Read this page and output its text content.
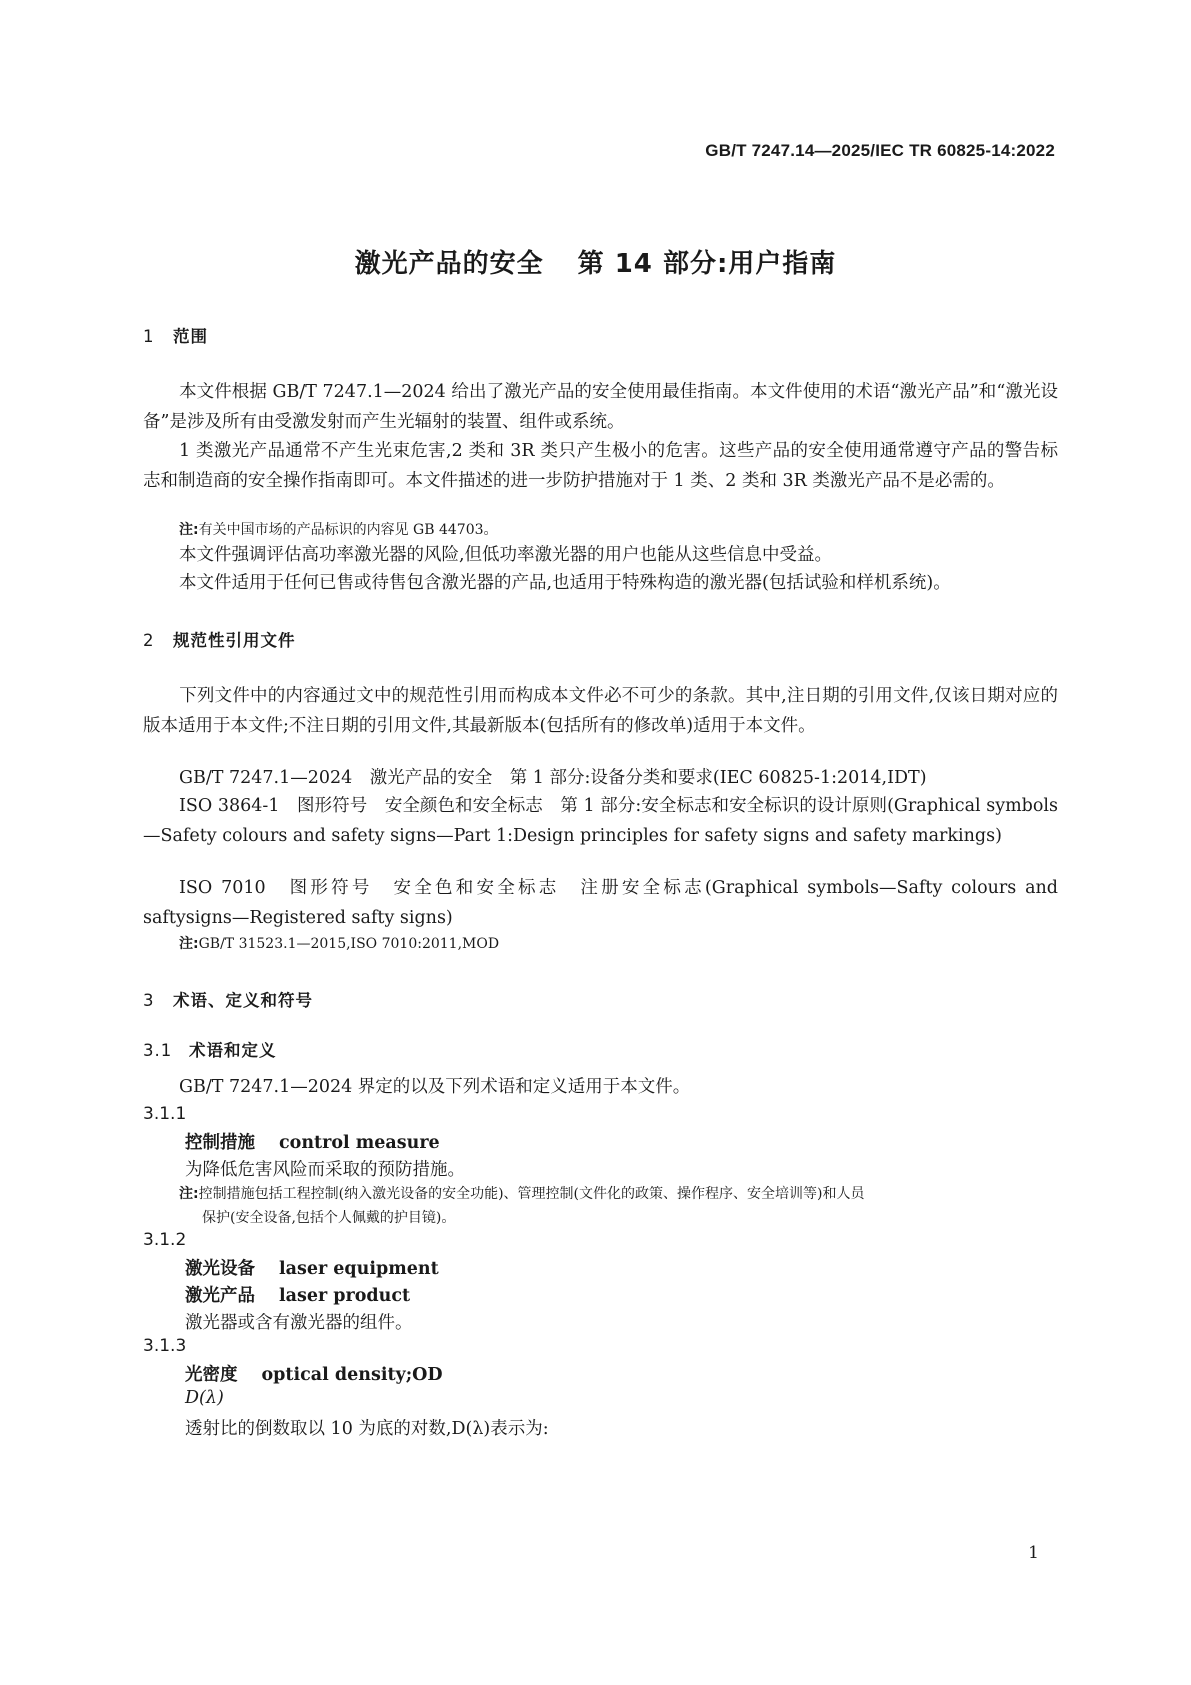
GB/T 7247.14—2025/IEC TR 60825-14:2022
激光产品的安全 第 14 部分:用户指南
1 范围
本文件根据 GB/T 7247.1—2024 给出了激光产品的安全使用最佳指南。本文件使用的术语“激光产品”和“激光设备”是涉及所有由受激发射而产生光辐射的装置、组件或系统。
1 类激光产品通常不产生光束危害,2 类和 3R 类只产生极小的危害。这些产品的安全使用通常遵守产品的警告标志和制造商的安全操作指南即可。本文件描述的进一步防护措施对于 1 类、2 类和 3R 类激光产品不是必需的。
注:有关中国市场的产品标识的内容见 GB 44703。
本文件强调评估高功率激光器的风险,但低功率激光器的用户也能从这些信息中受益。
本文件适用于任何已售或待售包含激光器的产品,也适用于特殊构造的激光器(包括试验和样机系统)。
2 规范性引用文件
下列文件中的内容通过文中的规范性引用而构成本文件必不可少的条款。其中,注日期的引用文件,仅该日期对应的版本适用于本文件;不注日期的引用文件,其最新版本(包括所有的修改单)适用于本文件。
GB/T 7247.1—2024　激光产品的安全　第 1 部分:设备分类和要求(IEC 60825-1:2014,IDT)
ISO 3864-1　图形符号　安全颜色和安全标志　第 1 部分:安全标志和安全标识的设计原则(Graphical symbols—Safety colours and safety signs—Part 1:Design principles for safety signs and safety markings)
ISO 7010　图形符号　安全色和安全标志　注册安全标志(Graphical symbols—Safty colours and saftysigns—Registered safty signs)
注:GB/T 31523.1—2015,ISO 7010:2011,MOD
3 术语、定义和符号
3.1 术语和定义
GB/T 7247.1—2024 界定的以及下列术语和定义适用于本文件。
3.1.1
控制措施 control measure
为降低危害风险而采取的预防措施。
注:控制措施包括工程控制(纳入激光设备的安全功能)、管理控制(文件化的政策、操作程序、安全培训等)和人员
保护(安全设备,包括个人佩戴的护目镜)。
3.1.2
激光设备 laser equipment
激光产品 laser product
激光器或含有激光器的组件。
3.1.3
光密度 optical density;OD
D(λ)
透射比的倒数取以 10 为底的对数,D(λ)表示为:
1
